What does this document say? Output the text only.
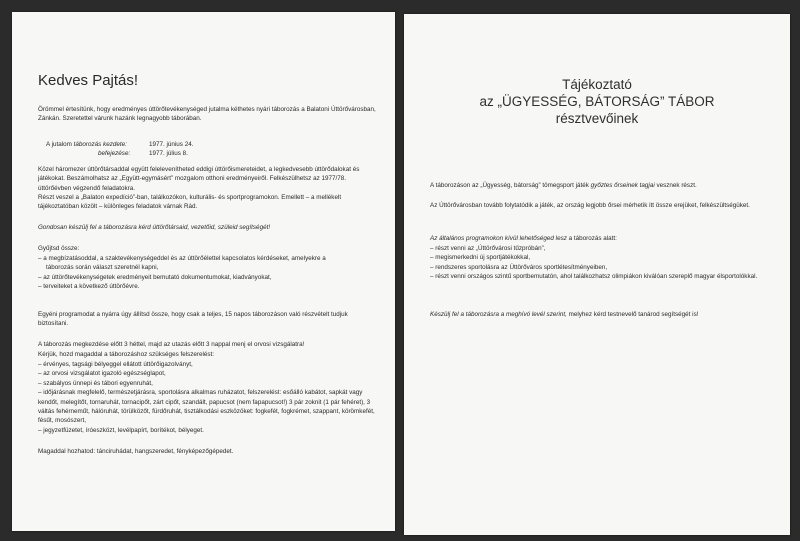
Kedves Pajtás!

Örömmel értesítünk, hogy eredményes úttörőtevékenységed jutalma kéthetes nyári táborozás a Balatoni Úttörővárosban, Zánkán. Szeretettel várunk hazánk legnagyobb táborában.

A jutalom táborozás kezdete:	1977. június 24.
befejezése:	1977. július 8.

Közel háromezer úttörőtársaddal együtt felelevenítheted eddigi úttörőismereteidet, a legkedvesebb úttörődalokat és játékokat. Beszámolhatsz az „Együtt-egymásért” mozgalom otthoni eredményeiről. Felkészülhetsz az 1977/78. úttörőévben végzendő feladatokra.

Részt veszel a „Balaton expedíció”-ban, találkozókon, kulturális- és sportprogramokon. Emellett – a mellékelt tájékoztatóban közölt – különleges feladatok várnak Rád.

Gondosan készülj fel a táborozásra kérd úttörőtársaid, vezetőid, szüleid segítségét!

Gyűjtsd össze:

– a megbízatásoddal, a szaktevékenységeddel és az úttörőélettel kapcsolatos kérdéseket, amelyekre a
táborozás során választ szeretnél kapni,
– az úttörőtevékenységetek eredményeit bemutató dokumentumokat, kiadványokat,
– terveiteket a következő úttörőévre.

Egyéni programodat a nyárra úgy állítsd össze, hogy csak a teljes, 15 napos táborozáson való részvételt tudjuk biztosítani.

A táborozás megkezdése előtt 3 héttel, majd az utazás előtt 3 nappal menj el orvosi vizsgálatra!

Kérjük, hozd magaddal a táborozáshoz szükséges felszerelést:

– érvényes, tagsági bélyeggel ellátott úttörőigazolványt,
– az orvosi vizsgálatot igazoló egészséglapot,
– szabályos ünnepi és tábori egyenruhát,
– időjárásnak megfelelő, természetjárásra, sportolásra alkalmas ruházatot, felszerelést: esőálló kabátot, sapkát vagy kendőt, melegítőt, tornaruhát, tornacipőt, zárt cipőt, szandált, papucsot (nem fapapucsot!) 3 pár zoknit (1 pár fehéret), 3 váltás fehérneműt, hálóruhát, törülközőt, fürdőruhát, tisztálkodási eszközöket: fogkefét, fogkrémet, szappant, körömkefét, fésűt, mosószert,
– jegyzetfüzetet, íróeszközt, levélpapírt, borítékot, bélyeget.

Magaddal hozhatod: tánciruhádat, hangszeredet, fényképezőgépedet.

Tájékoztató
az „ÜGYESSÉG, BÁTORSÁG” TÁBOR
résztvevőinek

A táborozáson az „Ügyesség, bátorság” tömegsport játék győztes őrseinek tagjai vesznek részt.

Az Úttörővárosban tovább folytatódik a játék, az ország legjobb őrsei mérhetik itt össze erejüket, felkészültségüket.

Az általános programokon kívül lehetőséged lesz a táborozás alatt:

– részt venni az „Úttörővárosi tűzpróbán”,
– megismerkedni új sportjátékokkal,
– rendszeres sportolásra az Úttörőváros sportlétesítményeiben,
– részt venni országos szintű sportbemutatón, ahol találkozhatsz olimpiákon kiválóan szereplő magyar élsportolókkal.

Készülj fel a táborozásra a meghívó levél szerint, melyhez kérd testnevelő tanárod segítségét is!
